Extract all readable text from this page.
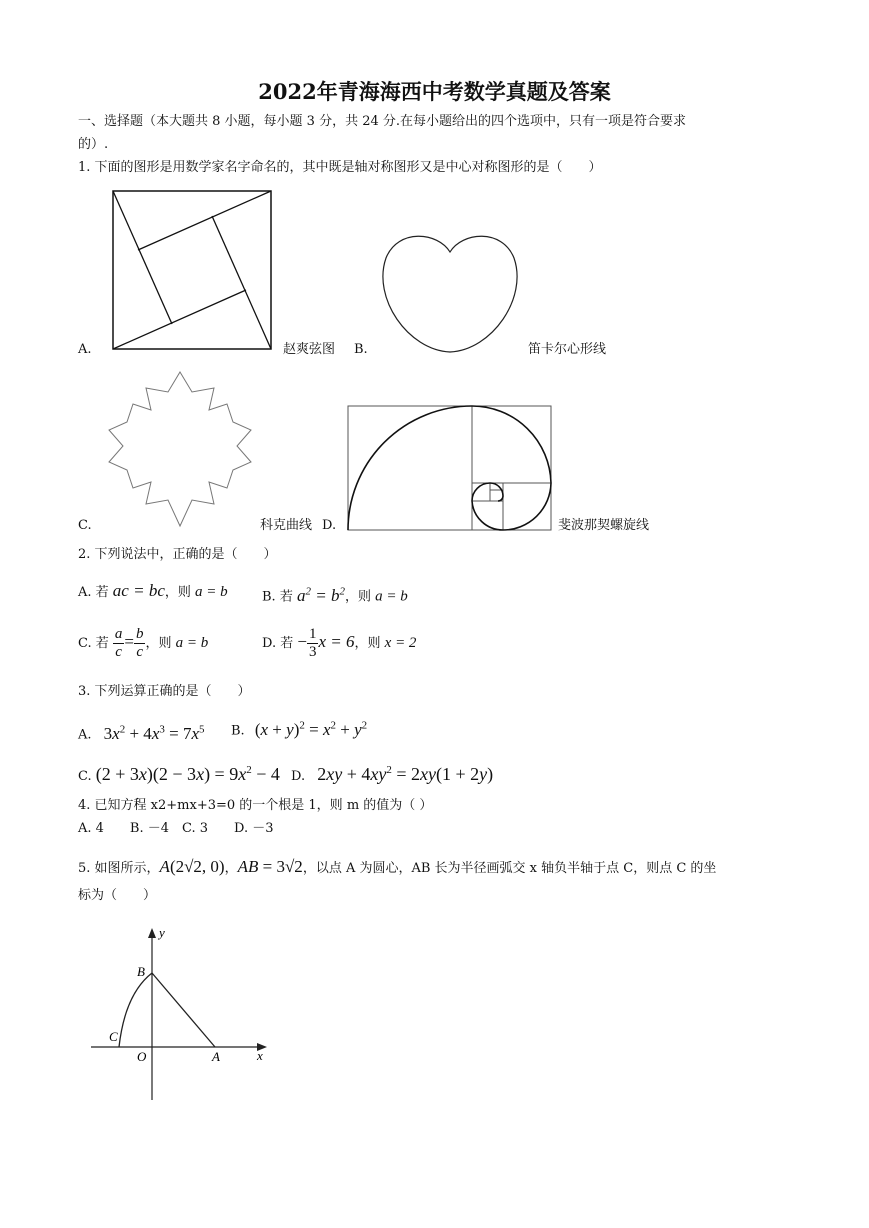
2022年青海海西中考数学真题及答案
一、选择题（本大题共 8 小题，每小题 3 分，共 24 分.在每小题给出的四个选项中，只有一项是符合要求
的）.
1. 下面的图形是用数学家名字命名的，其中既是轴对称图形又是中心对称图形的是（　　）
A.	赵爽弦图 B.	笛卡尔心形线
C.	科克曲线 D.	斐波那契螺旋线
2. 下列说法中，正确的是（　　）
A. 若 ac = bc，则 a = b	B. 若 $a^2 = b^2$，则 a = b
C. 若 $\frac{a}{c} = \frac{b}{c}$ ，则 a = b	D. 若 − $\frac{1}{3}$ x = 6，则 x = 2
3. 下列运算正确的是（　　）
A. $3x^2 + 4x^3 = 7x^5$ B. $(x + y)^2 = x^2 + y^2$
C. $(2 + 3x)(2 - 3x) = 9x^2 - 4$ D. $2xy + 4xy^2 = 2xy(1 + 2y)$
4. 已知方程 x2+mx+3=0 的一个根是 1，则 m 的值为（ ）
A. 4　　B. －4　C. 3　　D. －3
5. 如图所示，A(2√2, 0)，AB = 3√2，以点 A 为圆心，AB 长为半径画弧交 x 轴负半轴于点 C，则点 C 的坐
标为（　　）
y
x
O	A
B
C
